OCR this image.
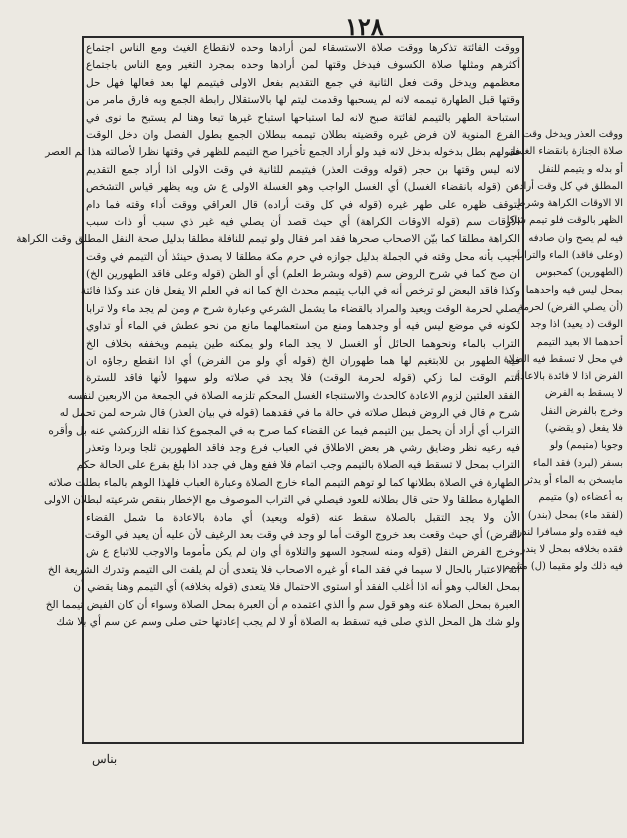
١٢٨

ووقت الفائتة تذكرها ووقت صلاة الاستسقاء لمن أرادها وحده لانقطاع الغيث ومع الناس اجتماع

أكثرهم ومثلها صلاة الكسوف فيدخل وقتها لمن أرادها وحده بمجرد التغير ومع الناس باجتماع

معظمهم ويدخل وقت فعل الثانية في جمع التقديم بفعل الاولى فيتيمم لها بعد فعالها فهل حل

وقتها قبل الطهارة تيممه لانه لم يسحبها وقدمت ليتم لها بالاستقلال رابطة الجمع وبه فارق مامر من

استباحة الطهر بالتيمم لفائتة صبح لانه لما استباحها استباح غيرها تبعا وهنا لم يستبح ما نوى في

الفرع المنوية لان فرض غيره وقضيته بطلان تيممه ببطلان الجمع بطول الفصل وان دخل الوقت

فقولهم بطل بدخوله بدخل لانه فيد ولو أراد الجمع تأخيرا صح التيمم للظهر في وقتها نظرا لأصالته هذا تم العصر

لانه ليس وقتها بن حجر (قوله ووقت العذر) فيتيمم للثانية في وقت الاولى اذا أراد جمع التقديم

عن (قوله بانقضاء الغسل) أي الغسل الواجب وهو الغسلة الاولى ع ش ويه يظهر قياس التشخص

يتوقف ظهره على طهر غيره (قوله في كل وقت أراده) قال العراقي ووقت أداء وقته فما دام

الاوقات سم (قوله الاوقات الكراهة) أي حيث قصد أن يصلي فيه غير ذي سبب أو ذات سبب

الكراهة مطلقا كما بيّن الاصحاب صحرها فقد امر فقال ولو تيمم للنافلة مطلقا بدليل صحة النفل المطلق وقت الكراهة

أجيب بأنه محل وقته في الجملة بدليل جوازه في حرم مكة مطلقا لا يصدق حينئذ أن التيمم في وقت

ان صح كما في شرح الروض سم (قوله وبشرط العلم) أي أو الظن (قوله وعلى فاقد الطهورين الخ)

وكذا فاقد البعض لو ترخص أنه في الباب يتيمم محدث الخ كما انه في العلم الا يفعل فان عند وكذا فائتة

يصلي لحرمة الوقت ويعيد والمراد بالقضاء ما يشمل الشرعي وعبارة شرح م ومن لم يجد ماء ولا ترابا

لكونه في موضع ليس فيه أو وجدهما ومنع من استعمالهما مانع من نحو عطش في الماء أو تداوي

التراب بالماء ونحوهما الحائل أو الغسل لا يجد الماء ولو يمكنه طين يتيمم ويخففه بخلاف الخ

فيه الطهور بن للابتغيم لها هما طهوران الخ (قوله أي ولو من الفرض) أي اذا انقطع رجاؤه ان

أنتم الوقت لما زكي (قوله لحرمة الوقت) فلا يجد في صلاته ولو سهوا لأنها فاقد للسترة

الفقد العلتين لزوم الاعادة كالحدث والاستنجاء الغسل المحكم تلزمه الصلاة في الجمعة من الاربعين لنفسه

شرح م قال في الروض فبطل صلاته في حالة ما في فقدهما (قوله في بيان العذر) قال شرحه لمن تحمل له

التراب أي أراد أن يحمل بين التيمم فيما عن القضاء كما صرح به في المجموع كذا نقله الزركشي عنه بل وأقره

فيه رعيه نظر وضايق رشي هر بعض الاطلاق في العباب فرع وجد فاقد الطهورين ثلجا وبردا وتعذر

التراب بمحل لا تسقط فيه الصلاة بالتيمم وجب اتمام فلا ففع وهل في جدد اذا بلغ بفرع على الحالة حكم

الطهارة في الصلاة بطلانها كما لو توهم التيمم الماء خارج الصلاة وعبارة العباب فلهذا الوهم بالماء بطلت صلاته

الطهارة مطلقا ولا حتى قال بطلانه للعود فيصلي في التراب الموصوف مع الإخطار بنقص شرعيته لبطلان الاولى

الأن ولا يجد التقبل بالصلاة سقط عنه (قوله ويعيد) أي مادة بالاعادة ما شمل القضاء

الفرض) أي حيث وقعت بعد خروج الوقت أما لو وجد في وقت بعد الرغيف لأن عليه أن يعيد في الوقت

وخرج الفرض النفل (قوله ومنه لسجود السهو والتلاوة أي وان لم يكن مأموما والاوجب للاتباع ع ش

أنه الاعتبار بالحال لا سيما في فقد الماء أو غيره الاصحاب فلا يتعدى أن لم يلفت الى التيمم وتدرك الشريعة الخ

بمحل الغالب وهو أنه اذا أغلب الفقد أو استوى الاحتمال فلا يتعدى (قوله بخلافه) أي التيمم وهنا يقضي أن

العبرة بمحل الصلاة عنه وهو قول سم وأ الذي اعتمده م أن العبرة بمحل الصلاة وسواء أن كان الفيض تيمما الخ

ولو شك هل المحل الذي صلى فيه تسقط به الصلاة أو لا لم يجب إعادتها حتى صلى وسم عن سم أي بلا شك

ووقت العذر ويدخل وقت

صلاة الجنازة بانقضاء الغسل

أو بدله و يتيمم للنفل

المطلق في كل وقت أراده

الا الاوقات الكراهة وشرط

الظهر بالوقت فلو تيمم شاكا

فيه لم يصح وان صادفه

(وعلى فاقد) الماء والتراب

(الطهورين) كمحبوس

بمحل ليس فيه واحدهما

(أن يصلي الفرض) لحرمة

الوقت (د يعيد) اذا وجد

أحدهما الا بعيد التيمم

في محل لا تسقط فيه الصلاة

الفرض اذا لا فائدة بالاعادة

لا يسقط به الفرض

وخرج بالفرض النفل

فلا يفعل (و يقضي)

وجوبا (متيمم) ولو

بسفر (لبرد) فقد الماء

مايسخن به الماء أو يدثر

به أعضاءه (و) متيمم

(لفقد ماء) بمحل (بندر)

فيه فقده ولو مسافرا لندرة

فقده بخلافه بمحل لا يندر

فيه ذلك ولو مقيما (ل) متيمم

بناس
